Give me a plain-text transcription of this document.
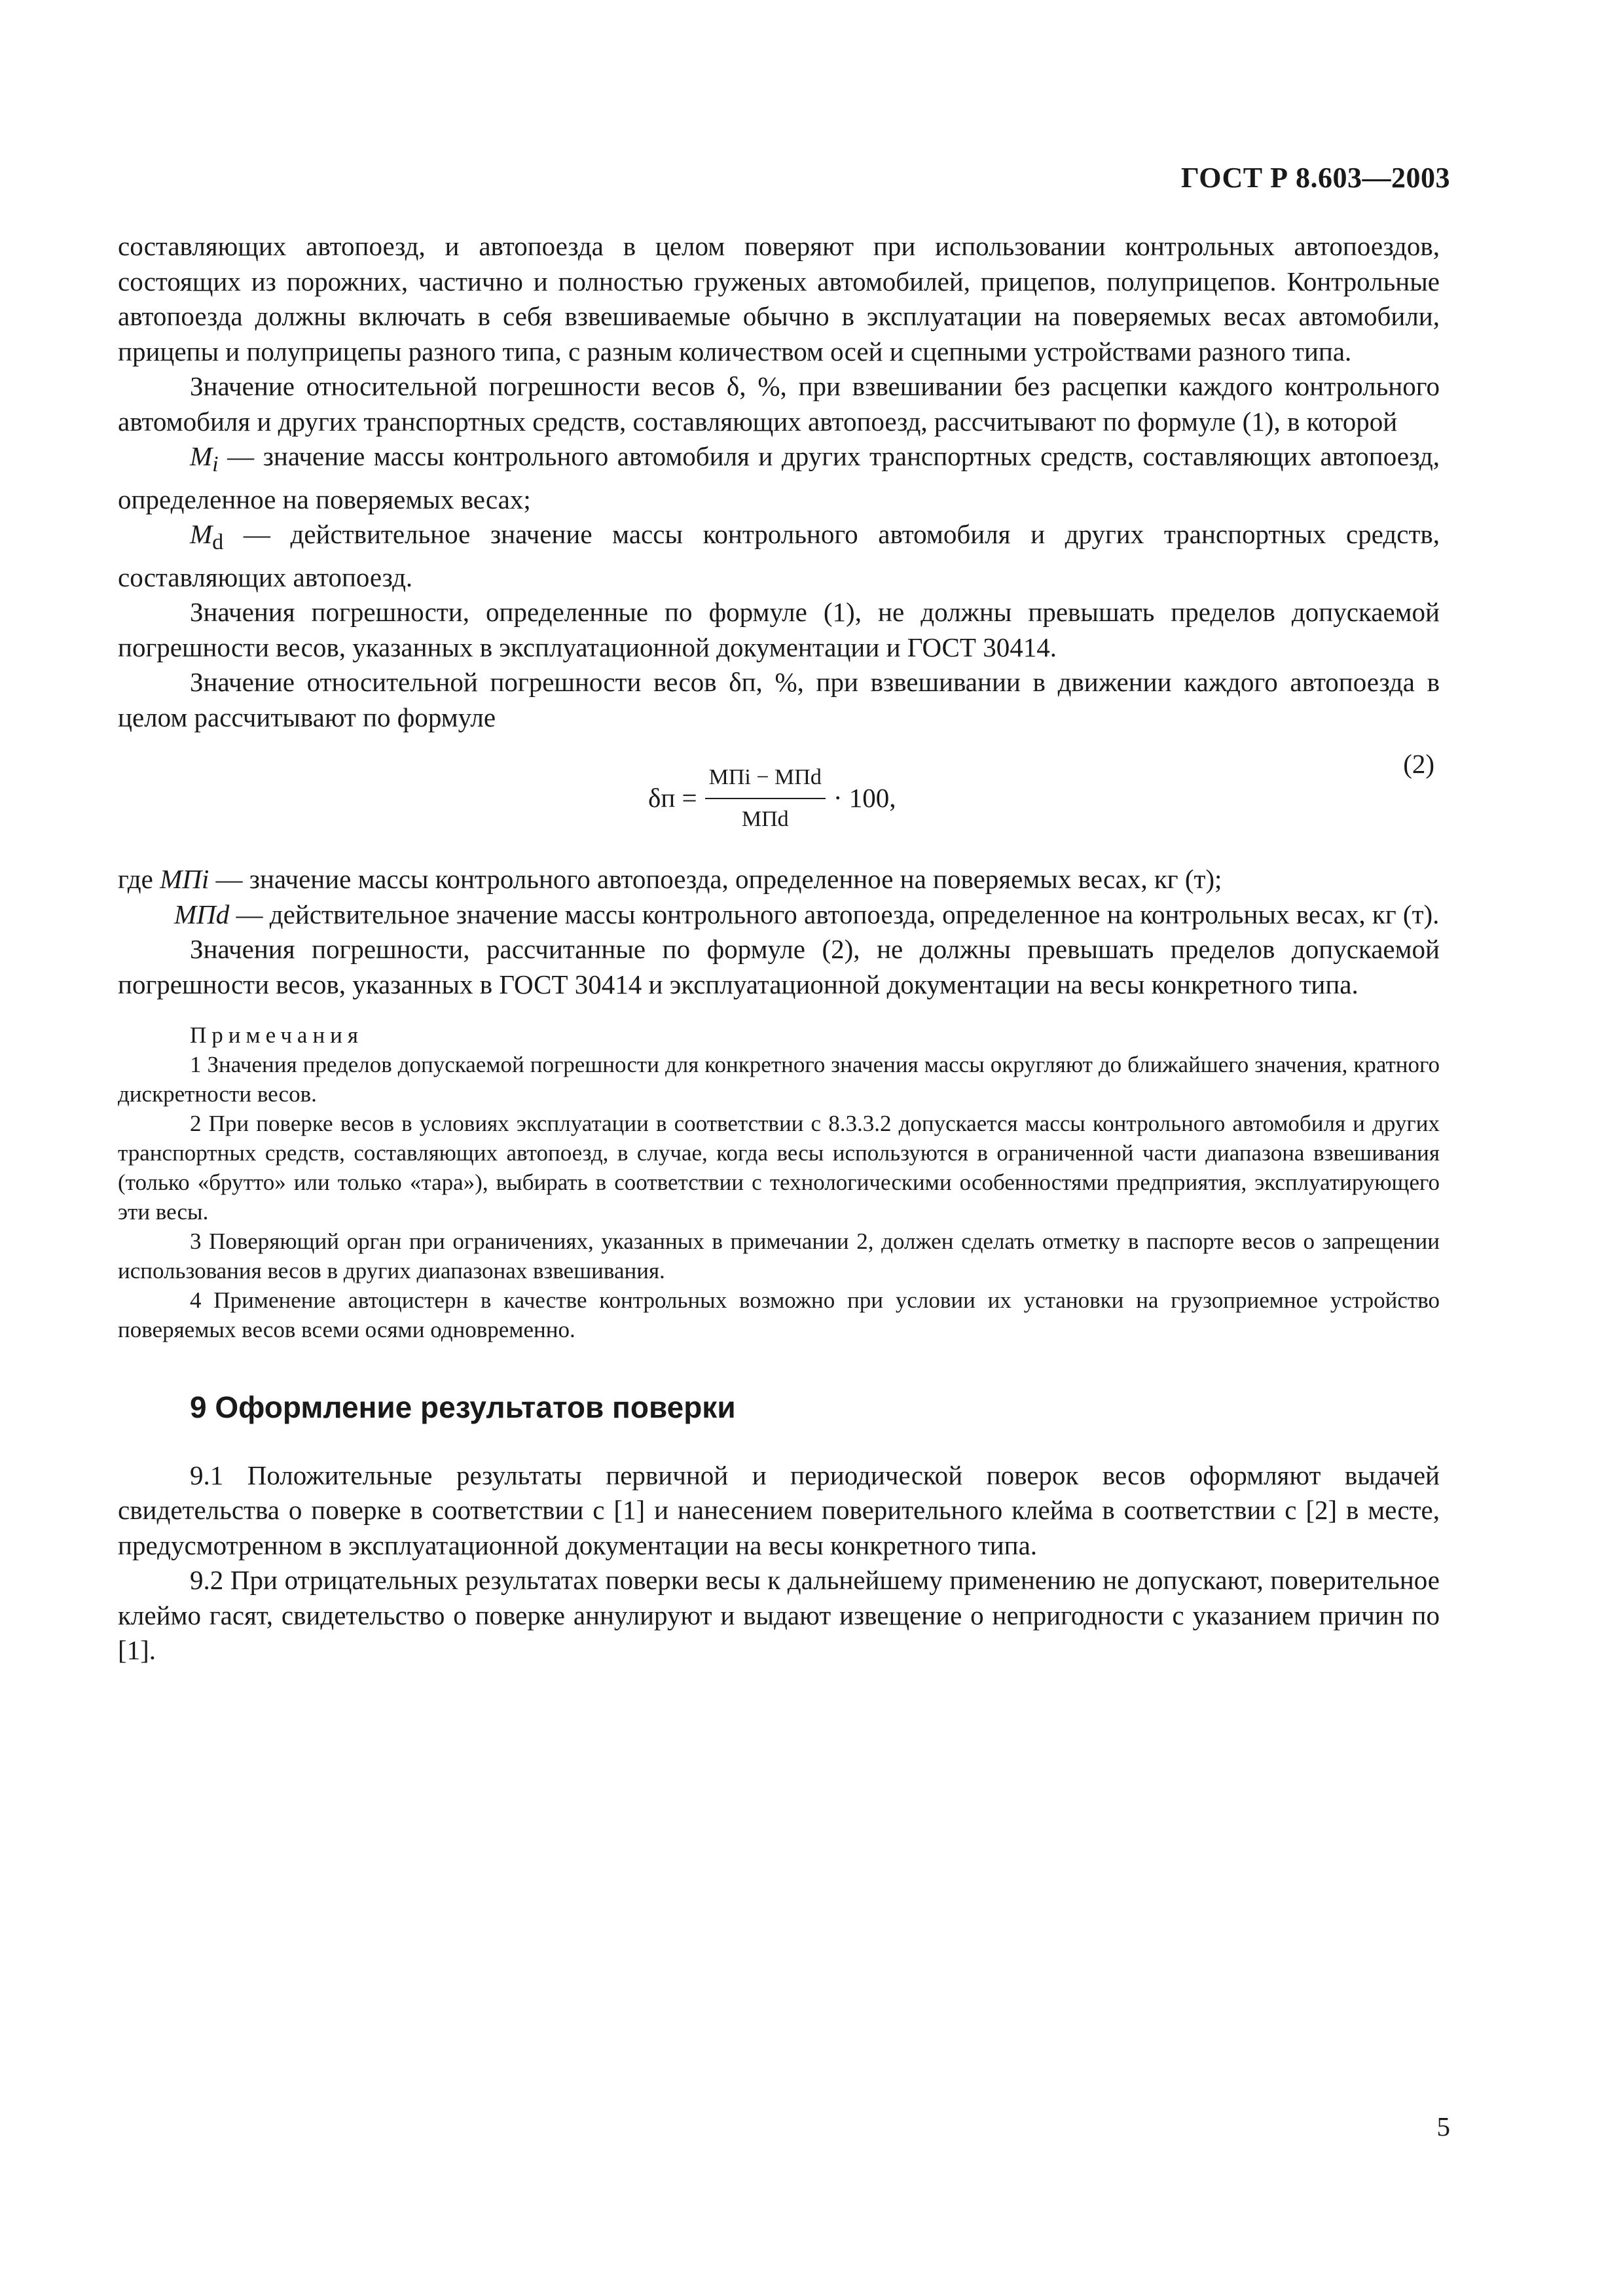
ГОСТ Р 8.603—2003

составляющих автопоезд, и автопоезда в целом поверяют при использовании контрольных автопоездов, состоящих из порожних, частично и полностью груженых автомобилей, прицепов, полуприцепов. Контрольные автопоезда должны включать в себя взвешиваемые обычно в эксплуатации на поверяемых весах автомобили, прицепы и полуприцепы разного типа, с разным количеством осей и сцепными устройствами разного типа.

Значение относительной погрешности весов δ, %, при взвешивании без расцепки каждого контрольного автомобиля и других транспортных средств, составляющих автопоезд, рассчитывают по формуле (1), в которой

$M_i$ — значение массы контрольного автомобиля и других транспортных средств, составляющих автопоезд, определенное на поверяемых весах;

$M_d$ — действительное значение массы контрольного автомобиля и других транспортных средств, составляющих автопоезд.

Значения погрешности, определенные по формуле (1), не должны превышать пределов допускаемой погрешности весов, указанных в эксплуатационной документации и ГОСТ 30414.

Значение относительной погрешности весов δп, %, при взвешивании в движении каждого автопоезда в целом рассчитывают по формуле

$\delta п = \frac{\text{MПi − MПd}}{\text{MПd}} \cdot 100$,
(2)

где MПi — значение массы контрольного автопоезда, определенное на поверяемых весах, кг (т);

MПd — действительное значение массы контрольного автопоезда, определенное на контрольных весах, кг (т).

Значения погрешности, рассчитанные по формуле (2), не должны превышать пределов допускаемой погрешности весов, указанных в ГОСТ 30414 и эксплуатационной документации на весы конкретного типа.

Примечания

1 Значения пределов допускаемой погрешности для конкретного значения массы округляют до ближайшего значения, кратного дискретности весов.

2 При поверке весов в условиях эксплуатации в соответствии с 8.3.3.2 допускается массы контрольного автомобиля и других транспортных средств, составляющих автопоезд, в случае, когда весы используются в ограниченной части диапазона взвешивания (только «брутто» или только «тара»), выбирать в соответствии с технологическими особенностями предприятия, эксплуатирующего эти весы.

3 Поверяющий орган при ограничениях, указанных в примечании 2, должен сделать отметку в паспорте весов о запрещении использования весов в других диапазонах взвешивания.

4 Применение автоцистерн в качестве контрольных возможно при условии их установки на грузоприемное устройство поверяемых весов всеми осями одновременно.

9 Оформление результатов поверки

9.1 Положительные результаты первичной и периодической поверок весов оформляют выдачей свидетельства о поверке в соответствии с [1] и нанесением поверительного клейма в соответствии с [2] в месте, предусмотренном в эксплуатационной документации на весы конкретного типа.

9.2 При отрицательных результатах поверки весы к дальнейшему применению не допускают, поверительное клеймо гасят, свидетельство о поверке аннулируют и выдают извещение о непригодности с указанием причин по [1].

5
